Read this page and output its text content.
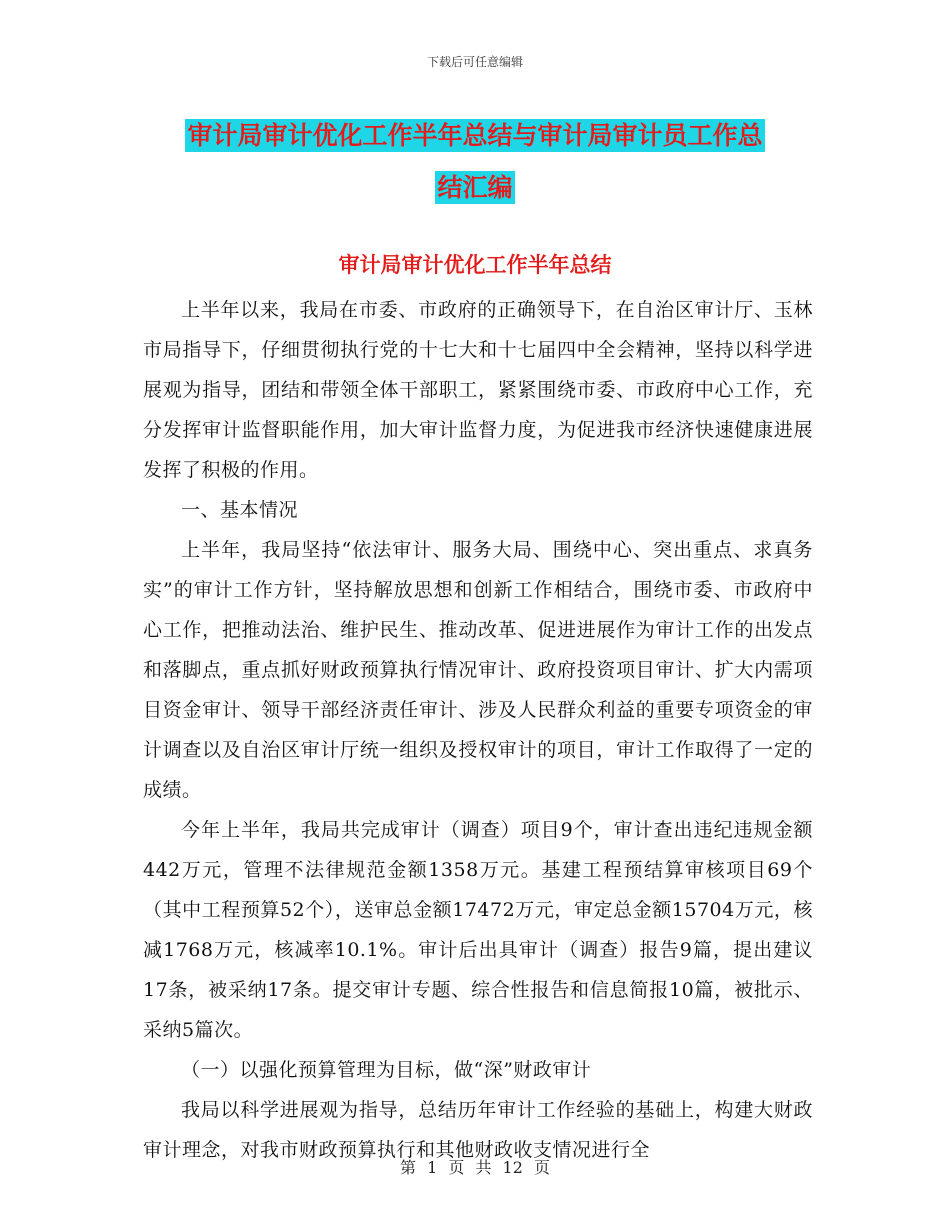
下载后可任意编辑
审计局审计优化工作半年总结与审计局审计员工作总
结汇编
审计局审计优化工作半年总结

上半年以来，我局在市委、市政府的正确领导下，在自治区审计厅、玉林市局指导下，仔细贯彻执行党的十七大和十七届四中全会精神，坚持以科学进展观为指导，团结和带领全体干部职工，紧紧围绕市委、市政府中心工作，充分发挥审计监督职能作用，加大审计监督力度，为促进我市经济快速健康进展发挥了积极的作用。

一、基本情况

上半年，我局坚持“依法审计、服务大局、围绕中心、突出重点、求真务实”的审计工作方针，坚持解放思想和创新工作相结合，围绕市委、市政府中心工作，把推动法治、维护民生、推动改革、促进进展作为审计工作的出发点和落脚点，重点抓好财政预算执行情况审计、政府投资项目审计、扩大内需项目资金审计、领导干部经济责任审计、涉及人民群众利益的重要专项资金的审计调查以及自治区审计厅统一组织及授权审计的项目，审计工作取得了一定的成绩。

今年上半年，我局共完成审计（调查）项目9个，审计查出违纪违规金额442万元，管理不法律规范金额1358万元。基建工程预结算审核项目69个（其中工程预算52个），送审总金额17472万元，审定总金额15704万元，核减1768万元，核减率10.1%。审计后出具审计（调查）报告9篇，提出建议17条，被采纳17条。提交审计专题、综合性报告和信息简报10篇，被批示、采纳5篇次。

（一）以强化预算管理为目标，做“深”财政审计

我局以科学进展观为指导，总结历年审计工作经验的基础上，构建大财政审计理念，对我市财政预算执行和其他财政收支情况进行全

第 1 页 共 12 页
